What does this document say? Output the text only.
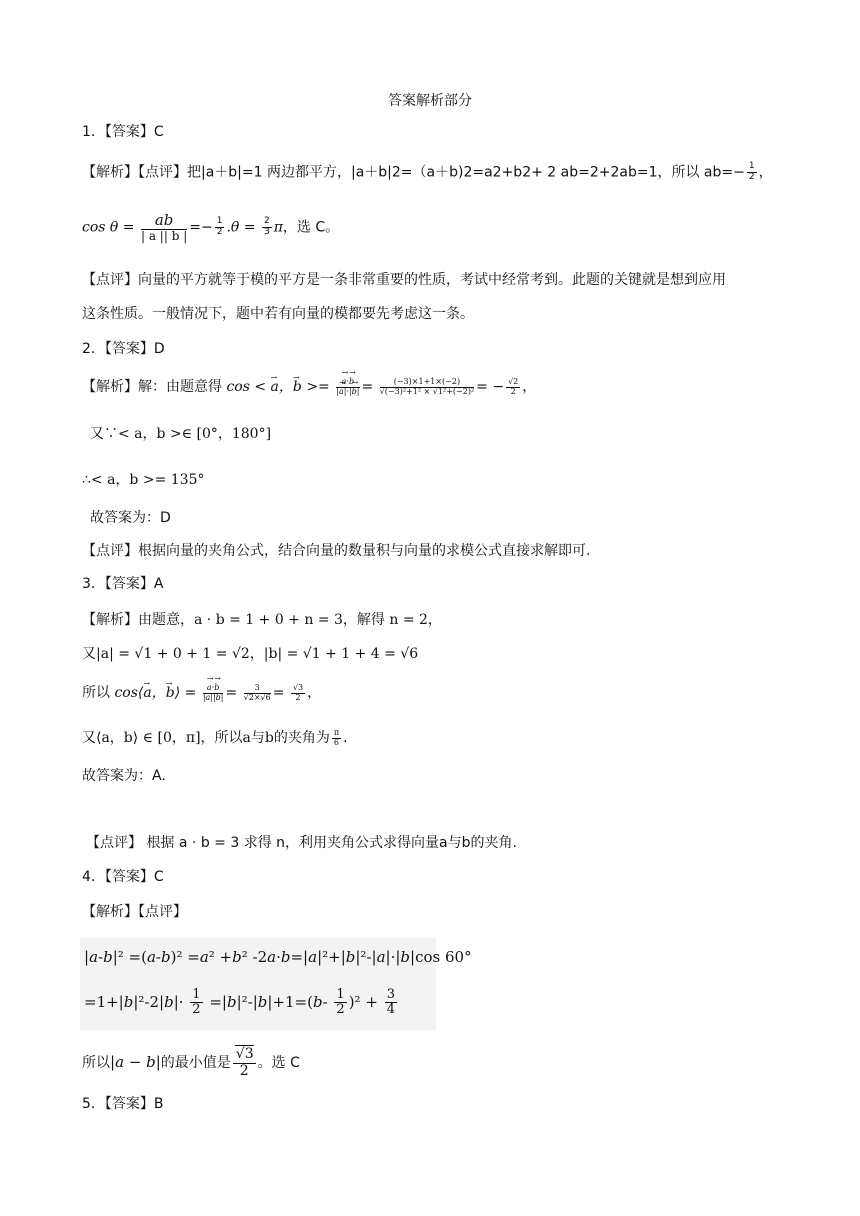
答案解析部分
1．【答案】C
【解析】【点评】把|a＋b|=1 两边都平方，|a＋b|2=（a＋b)2=a2+b2+ 2 ab=2+2ab=1，所以 $ab=- \frac{1}{2}$ ，
$\cos \theta = \frac{ab}{| a || b |} =- \frac{1}{2} .\theta = \frac{2}{3}$ π，选 C。
【点评】向量的平方就等于模的平方是一条非常重要的性质，考试中经常考到。此题的关键就是想到应用
这条性质。一般情况下，题中若有向量的模都要先考虑这一条。
2．【答案】D
【解析】解：由题意得 cos < → a，→ b >= → $\frac{a\cdot\to b}{|\to a|\cdot|\to b|} = \frac{(-3)\times 1+1\times(-2)}{\text{√(−3)²+1² × √1²+(−2)²}}$ = − $\frac{√2}{2}$ ，
又∵< a，b >∈ [0°，180°]
∴< a，b >= 135°
故答案为：D
【点评】根据向量的夹角公式，结合向量的数量积与向量的求模公式直接求解即可.
3．【答案】A
【解析】由题意，a · b = 1 + 0 + n = 3，解得 n = 2，
又|a| = √1 + 0 + 1 = √2，|b| = √1 + 1 + 4 = √6
所以 cos⟨→ a，→ b⟩ = → $\frac{a\cdot\to b}{|a||b|} = \frac{3}{√2\times√6} = \frac{√3}{2}$ ，
又⟨a，b⟩ ∈ [0，π]，所以a与b的夹角为 $\frac{\pi}{6}$ .
故答案为：A.
【点评】 根据 a · b = 3 求得 n，利用夹角公式求得向量a与b的夹角.
4．【答案】C
【解析】【点评】
|a-b|² =(a-b)² =a² +b² -2a·b=|a|²+|b|²-|a|·|b|cos 60°
$=1+|b|^2-2|b|\cdot \frac{1}{2} =|b|^2-|b|+1=(b- \frac{1}{2} )^2 + \frac{3}{4}$
所以|a − b|的最小值是 $\frac{√3}{2}$ 。选 C
5．【答案】B
